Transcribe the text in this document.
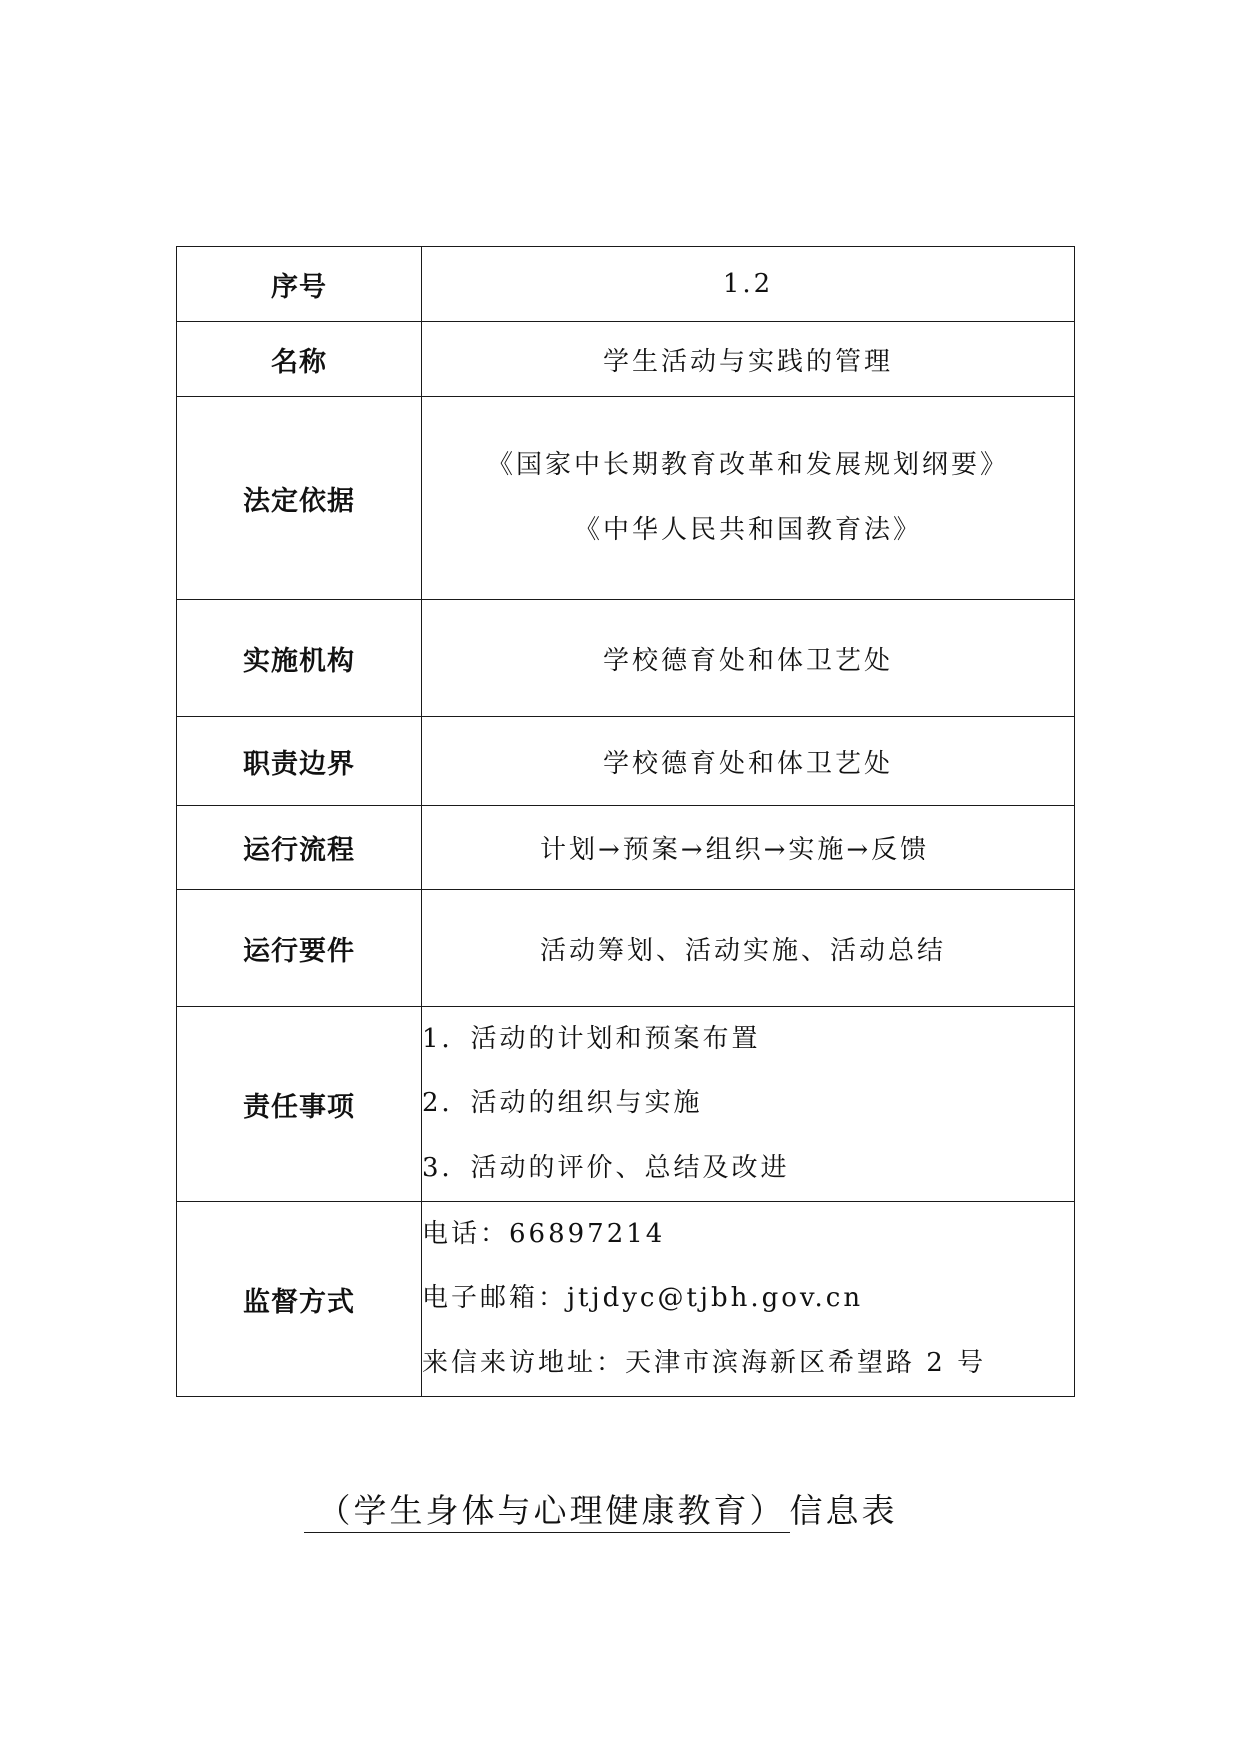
序号	1.2
名称	学生活动与实践的管理
法定依据	《国家中长期教育改革和发展规划纲要》
《中华人民共和国教育法》

实施机构	学校德育处和体卫艺处
职责边界	学校德育处和体卫艺处
运行流程	计划→预案→组织→实施→反馈
运行要件	活动筹划、活动实施、活动总结
责任事项	1．活动的计划和预案布置
2．活动的组织与实施
3．活动的评价、总结及改进

监督方式	电话：66897214
电子邮箱：jtjdyc@tjbh.gov.cn
来信来访地址：天津市滨海新区希望路 2 号
（学生身体与心理健康教育） 信息表
